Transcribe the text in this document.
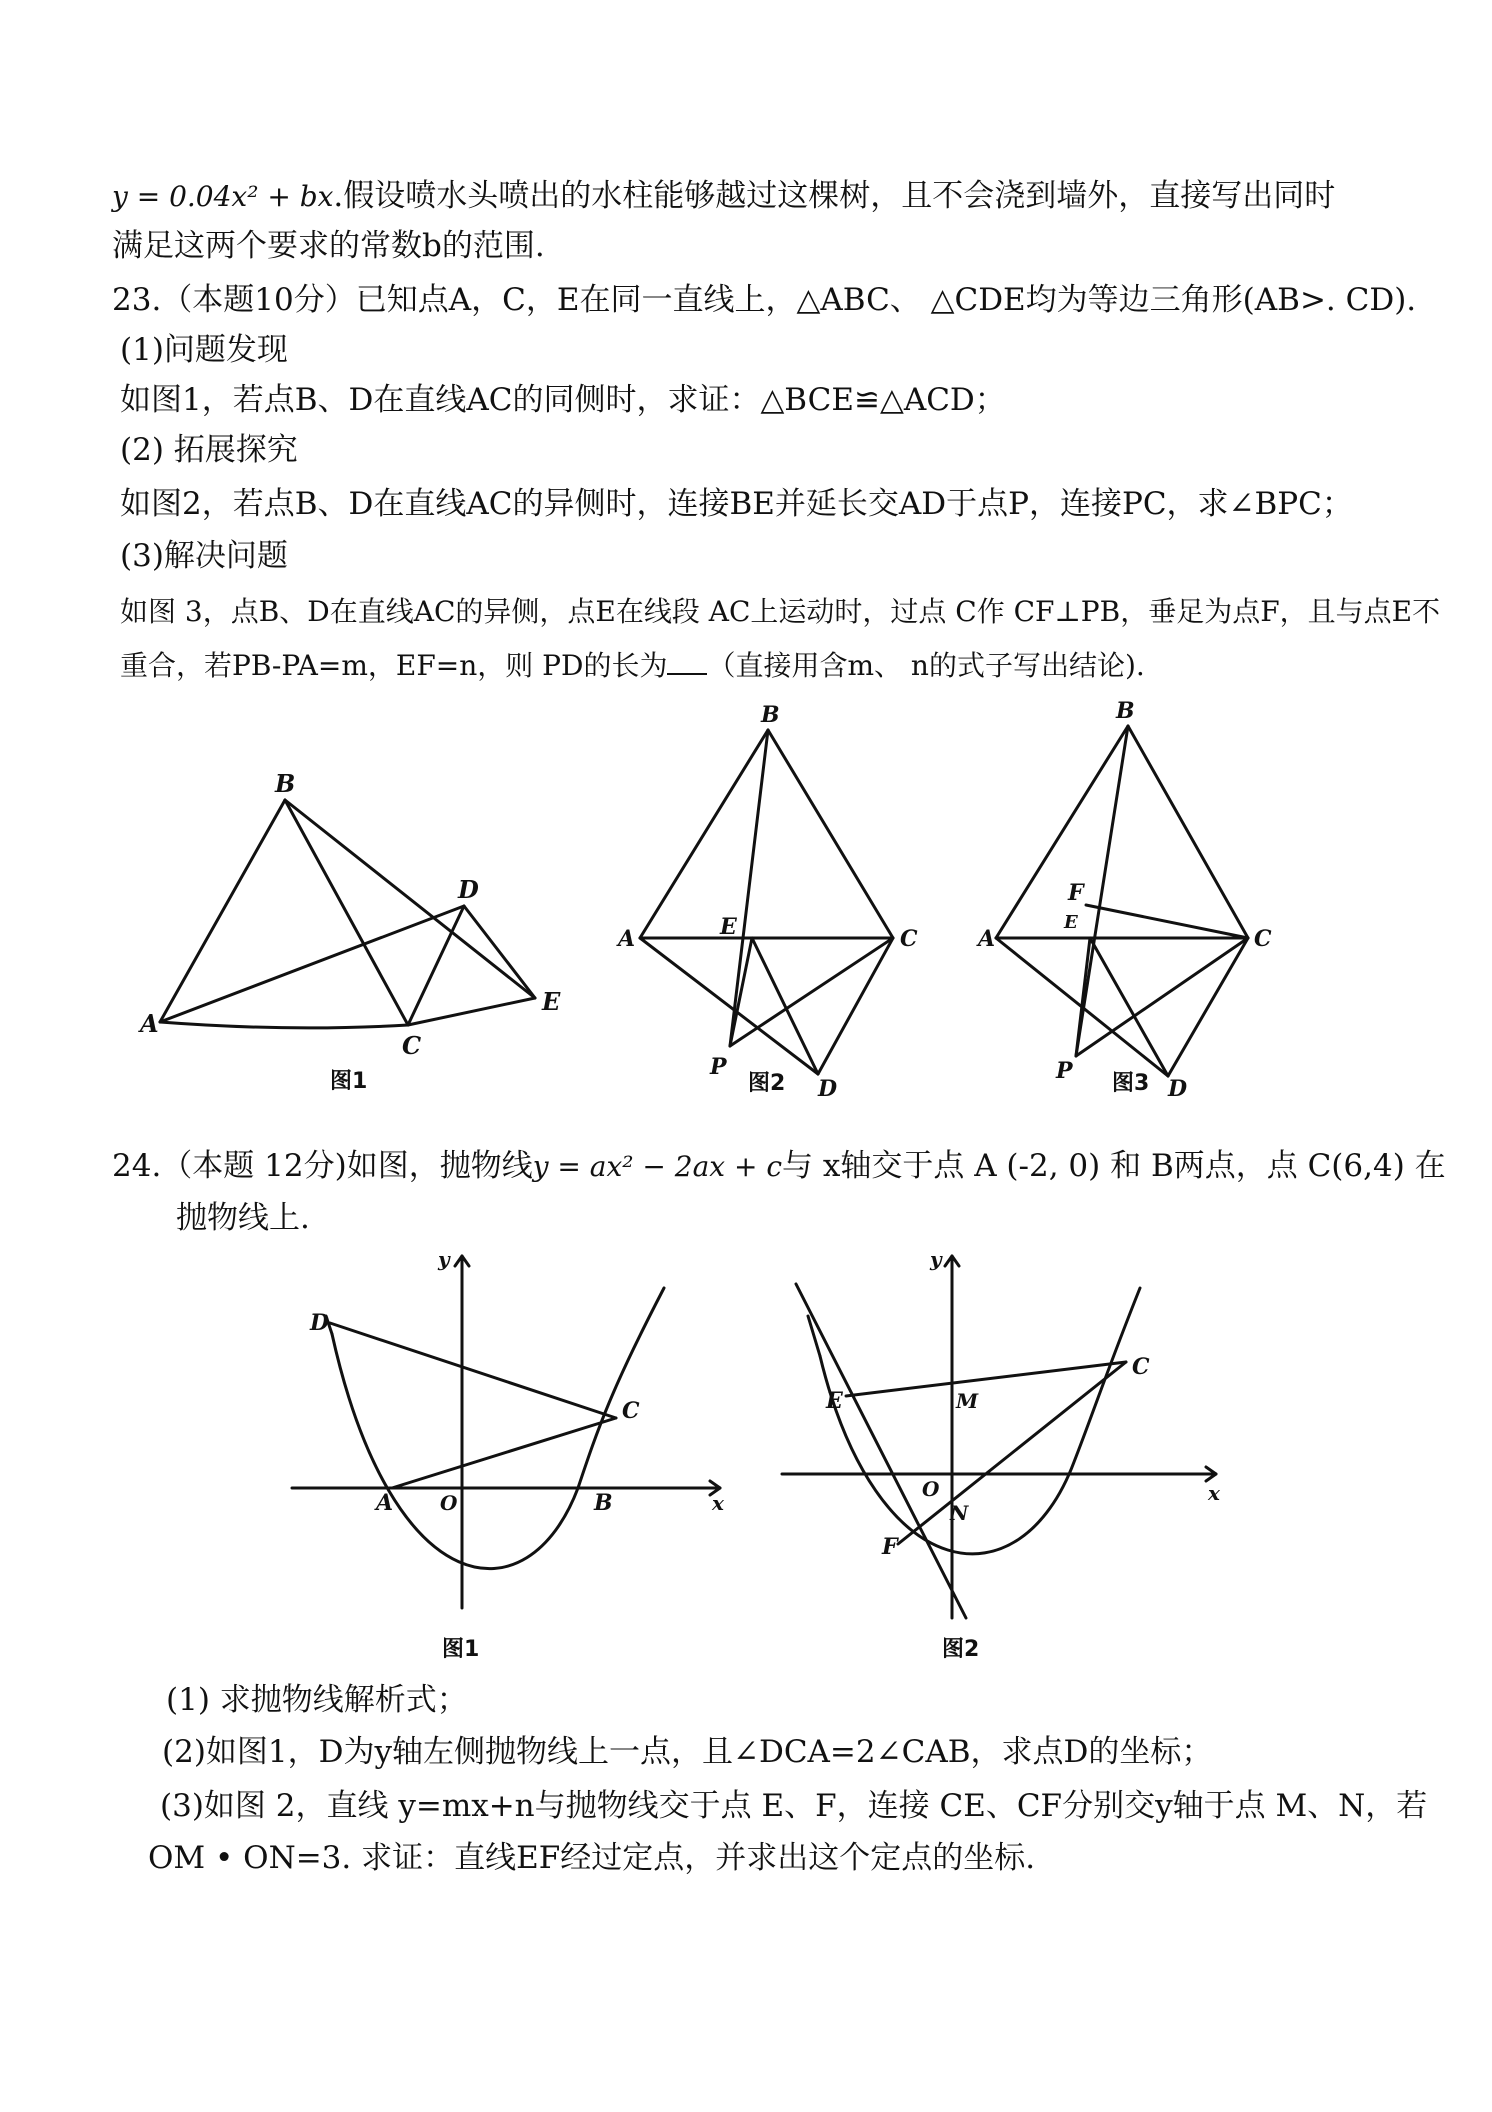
y = 0.04x² + bx.假设喷水头喷出的水柱能够越过这棵树，且不会浇到墙外，直接写出同时
满足这两个要求的常数b的范围.
23.（本题10分）已知点A，C，E在同一直线上，△ABC、 △CDE均为等边三角形(AB>. CD).
(1)问题发现
如图1，若点B、D在直线AC的同侧时，求证：△BCE≌△ACD；
(2) 拓展探究
如图2，若点B、D在直线AC的异侧时，连接BE并延长交AD于点P，连接PC，求∠BPC；
(3)解决问题
如图 3，点B、D在直线AC的异侧，点E在线段 AC上运动时，过点 C作 CF⊥PB，垂足为点F，且与点E不
重合，若PB-PA=m，EF=n，则 PD的长为 （直接用含m、 n的式子写出结论).
B
A
C
D
E
图1
B
A	C
E
P
D
图2
B
A	C
F
E
P
D
图3
24.（本题 12分)如图，抛物线y = ax² − 2ax + c与 x轴交于点 A (-2, 0) 和 B两点，点 C(6,4) 在
抛物线上.
y
x
D
C
A O	B
图1
y
x
C
E	M
O
N
F
图2
(1) 求抛物线解析式；
(2)如图1，D为y轴左侧抛物线上一点，且∠DCA=2∠CAB，求点D的坐标；
(3)如图 2，直线 y=mx+n与抛物线交于点 E、F，连接 CE、CF分别交y轴于点 M、N，若
OM • ON=3. 求证：直线EF经过定点，并求出这个定点的坐标.
